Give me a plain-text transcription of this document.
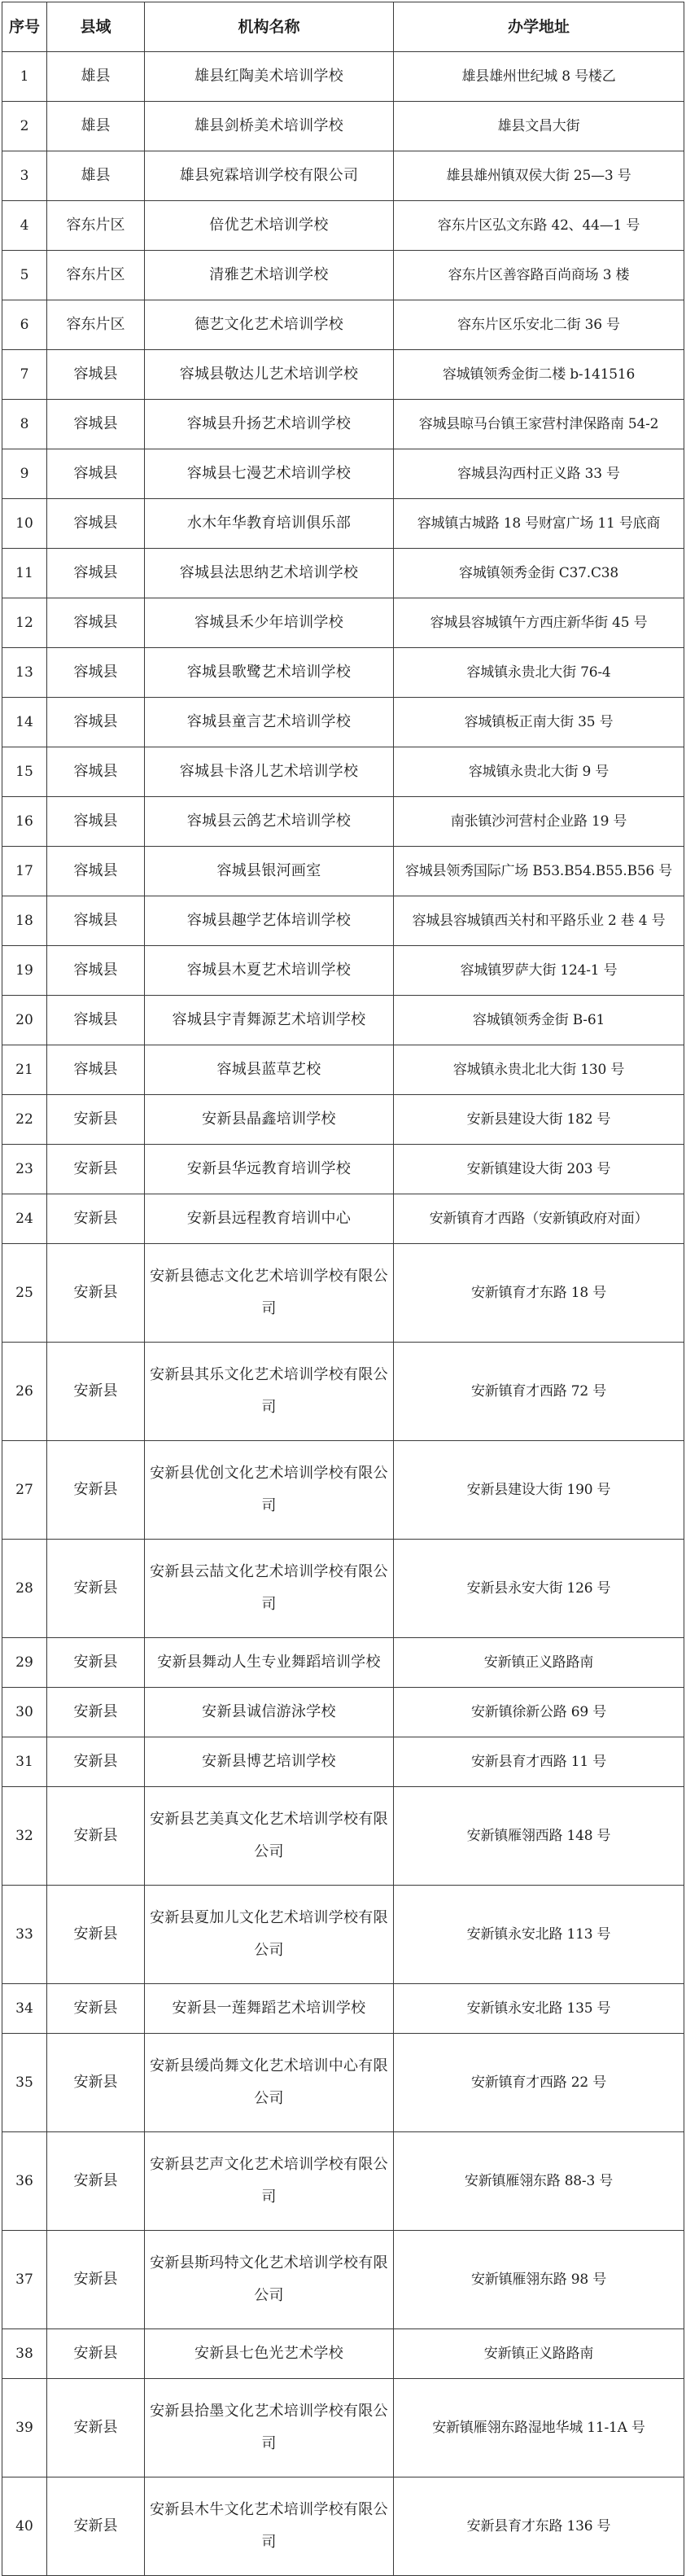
序号	县域	机构名称	办学地址
1	雄县	雄县红陶美术培训学校	雄县雄州世纪城 8 号楼乙
2	雄县	雄县剑桥美术培训学校	雄县文昌大街
3	雄县	雄县宛霖培训学校有限公司	雄县雄州镇双侯大街 25—3 号
4	容东片区	倍优艺术培训学校	容东片区弘文东路 42、44—1 号
5	容东片区	清雅艺术培训学校	容东片区善容路百尚商场 3 楼
6	容东片区	德艺文化艺术培训学校	容东片区乐安北二街 36 号
7	容城县	容城县敬达儿艺术培训学校	容城镇领秀金街二楼 b-141516
8	容城县	容城县升扬艺术培训学校	容城县晾马台镇王家营村津保路南 54-2
9	容城县	容城县七漫艺术培训学校	容城县沟西村正义路 33 号
10	容城县	水木年华教育培训俱乐部	容城镇古城路 18 号财富广场 11 号底商
11	容城县	容城县法思纳艺术培训学校	容城镇领秀金街 C37.C38
12	容城县	容城县禾少年培训学校	容城县容城镇午方西庄新华街 45 号
13	容城县	容城县歌鹭艺术培训学校	容城镇永贵北大街 76-4
14	容城县	容城县童言艺术培训学校	容城镇板正南大街 35 号
15	容城县	容城县卡洛儿艺术培训学校	容城镇永贵北大街 9 号
16	容城县	容城县云鸽艺术培训学校	南张镇沙河营村企业路 19 号
17	容城县	容城县银河画室	容城县领秀国际广场 B53.B54.B55.B56 号
18	容城县	容城县趣学艺体培训学校	容城县容城镇西关村和平路乐业 2 巷 4 号
19	容城县	容城县木夏艺术培训学校	容城镇罗萨大街 124-1 号
20	容城县	容城县宇青舞源艺术培训学校	容城镇领秀金街 B-61
21	容城县	容城县蓝草艺校	容城镇永贵北北大街 130 号
22	安新县	安新县晶鑫培训学校	安新县建设大街 182 号
23	安新县	安新县华远教育培训学校	安新镇建设大街 203 号
24	安新县	安新县远程教育培训中心	安新镇育才西路（安新镇政府对面）
25	安新县	安新县德志文化艺术培训学校有限公司	安新镇育才东路 18 号
26	安新县	安新县其乐文化艺术培训学校有限公司	安新镇育才西路 72 号
27	安新县	安新县优创文化艺术培训学校有限公司	安新县建设大街 190 号
28	安新县	安新县云喆文化艺术培训学校有限公司	安新县永安大街 126 号
29	安新县	安新县舞动人生专业舞蹈培训学校	安新镇正义路路南
30	安新县	安新县诚信游泳学校	安新镇徐新公路 69 号
31	安新县	安新县博艺培训学校	安新县育才西路 11 号
32	安新县	安新县艺美真文化艺术培训学校有限公司	安新镇雁翎西路 148 号
33	安新县	安新县夏加儿文化艺术培训学校有限公司	安新镇永安北路 113 号
34	安新县	安新县一莲舞蹈艺术培训学校	安新镇永安北路 135 号
35	安新县	安新县缓尚舞文化艺术培训中心有限公司	安新镇育才西路 22 号
36	安新县	安新县艺声文化艺术培训学校有限公司	安新镇雁翎东路 88-3 号
37	安新县	安新县斯玛特文化艺术培训学校有限公司	安新镇雁翎东路 98 号
38	安新县	安新县七色光艺术学校	安新镇正义路路南
39	安新县	安新县拾墨文化艺术培训学校有限公司	安新镇雁翎东路湿地华城 11-1A 号
40	安新县	安新县木牛文化艺术培训学校有限公司	安新县育才东路 136 号
